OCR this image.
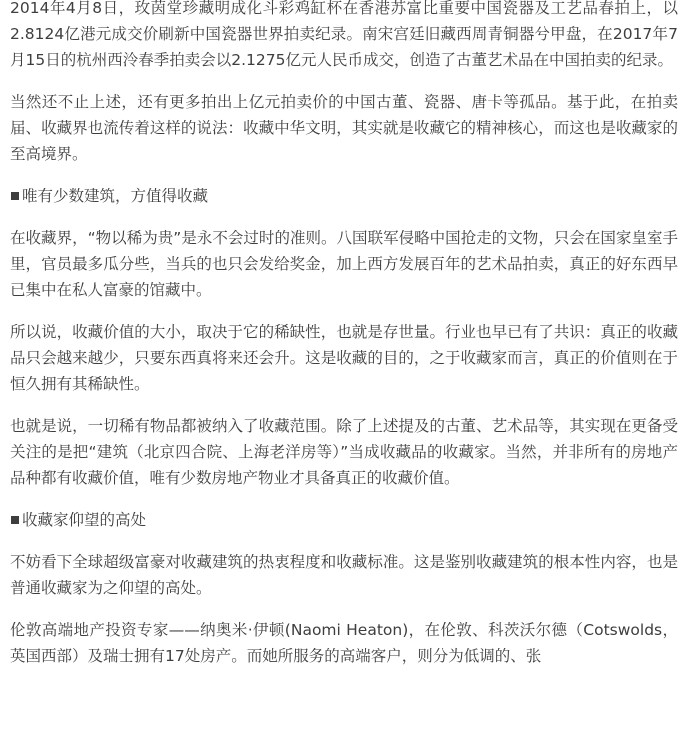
2014年4月8日，玫茵堂珍藏明成化斗彩鸡缸杯在香港苏富比重要中国瓷器及工艺品春拍上，以2.8124亿港元成交价刷新中国瓷器世界拍卖纪录。南宋宫廷旧藏西周青铜器兮甲盘，在2017年7月15日的杭州西泠春季拍卖会以2.1275亿元人民币成交，创造了古董艺术品在中国拍卖的纪录。

当然还不止上述，还有更多拍出上亿元拍卖价的中国古董、瓷器、唐卡等孤品。基于此，在拍卖届、收藏界也流传着这样的说法：收藏中华文明，其实就是收藏它的精神核心，而这也是收藏家的至高境界。

唯有少数建筑，方值得收藏

在收藏界，“物以稀为贵”是永不会过时的准则。八国联军侵略中国抢走的文物，只会在国家皇室手里，官员最多瓜分些，当兵的也只会发给奖金，加上西方发展百年的艺术品拍卖，真正的好东西早已集中在私人富豪的馆藏中。

所以说，收藏价值的大小，取决于它的稀缺性，也就是存世量。行业也早已有了共识：真正的收藏品只会越来越少，只要东西真将来还会升。这是收藏的目的，之于收藏家而言，真正的价值则在于恒久拥有其稀缺性。

也就是说，一切稀有物品都被纳入了收藏范围。除了上述提及的古董、艺术品等，其实现在更备受关注的是把“建筑（北京四合院、上海老洋房等）”当成收藏品的收藏家。当然，并非所有的房地产品种都有收藏价值，唯有少数房地产物业才具备真正的收藏价值。

收藏家仰望的高处

不妨看下全球超级富豪对收藏建筑的热衷程度和收藏标准。这是鉴别收藏建筑的根本性内容，也是普通收藏家为之仰望的高处。

伦敦高端地产投资专家——纳奥米·伊顿(Naomi Heaton)，在伦敦、科茨沃尔德（Cotswolds，英国西部）及瑞士拥有17处房产。而她所服务的高端客户，则分为低调的、张
